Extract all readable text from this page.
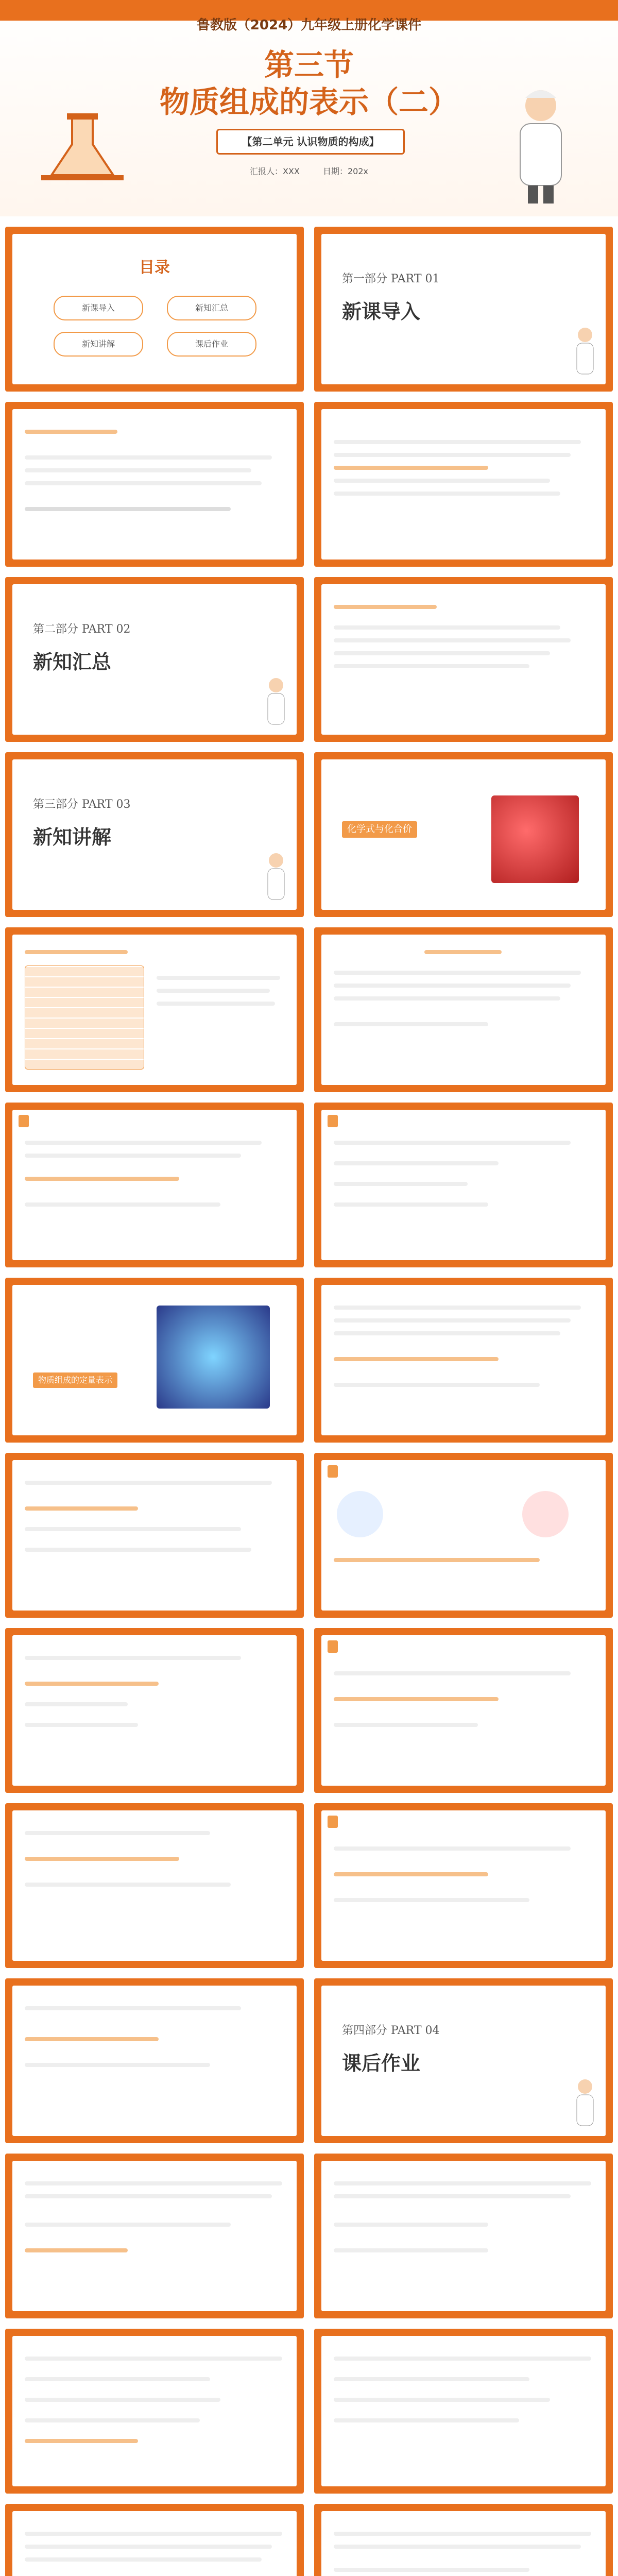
鲁教版（2024）九年级上册化学课件
第三节
物质组成的表示（二）
【第二单元 认识物质的构成】
汇报人：XXX	日期：202x
目录
新课导入	新知汇总
新知讲解	课后作业
第一部分 PART 01
新课导入
第二部分 PART 02
新知汇总
第三部分 PART 03
新知讲解	化学式与化合价
物质组成的定量表示
第四部分 PART 04
课后作业
